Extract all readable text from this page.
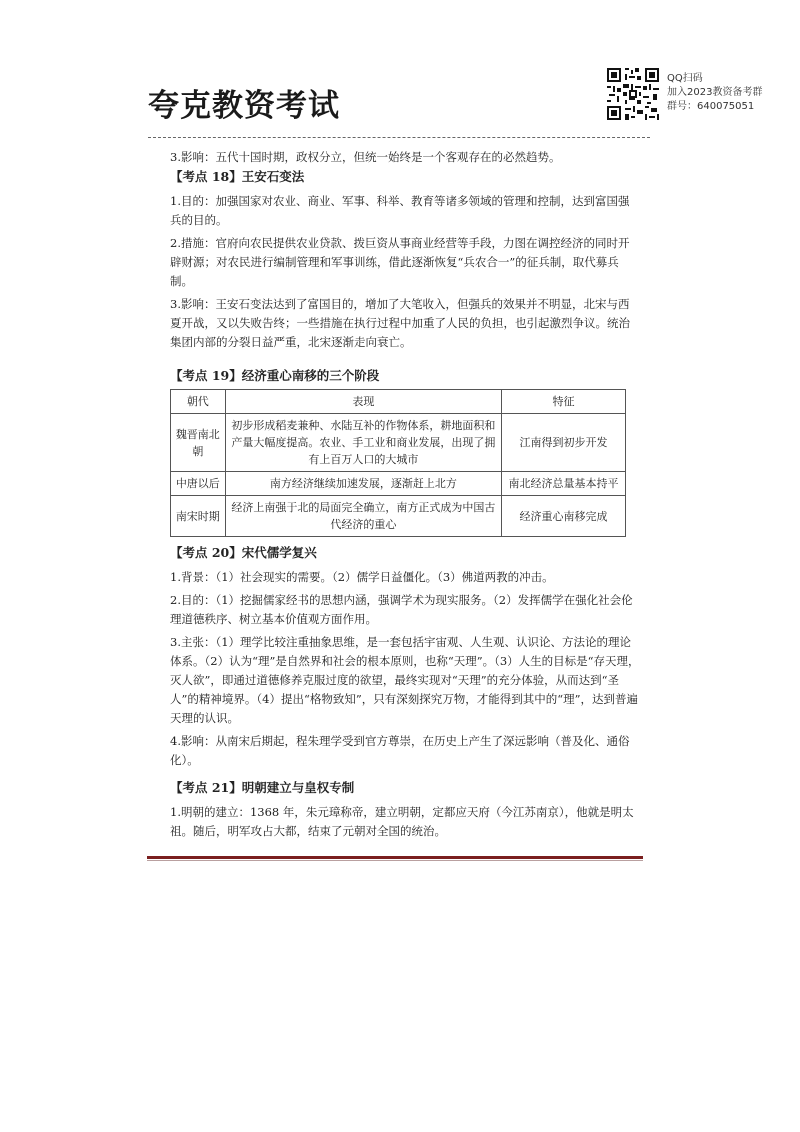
夸克教资考试
QQ扫码
加入2023教资备考群
群号：640075051

3.影响：五代十国时期，政权分立，但统一始终是一个客观存在的必然趋势。

【考点 18】王安石变法

1.目的：加强国家对农业、商业、军事、科举、教育等诸多领域的管理和控制，达到富国强兵的目的。

2.措施：官府向农民提供农业贷款、拨巨资从事商业经营等手段，力图在调控经济的同时开辟财源；对农民进行编制管理和军事训练，借此逐渐恢复“兵农合一”的征兵制，取代募兵制。

3.影响：王安石变法达到了富国目的，增加了大笔收入，但强兵的效果并不明显，北宋与西夏开战，又以失败告终；一些措施在执行过程中加重了人民的负担，也引起激烈争议。统治集团内部的分裂日益严重，北宋逐渐走向衰亡。

【考点 19】经济重心南移的三个阶段

朝代	表现	特征
魏晋南北朝	初步形成稻麦兼种、水陆互补的作物体系，耕地面积和产量大幅度提高。农业、手工业和商业发展，出现了拥有上百万人口的大城市	江南得到初步开发
中唐以后	南方经济继续加速发展，逐渐赶上北方	南北经济总量基本持平
南宋时期	经济上南强于北的局面完全确立，南方正式成为中国古代经济的重心	经济重心南移完成

【考点 20】宋代儒学复兴

1.背景：（1）社会现实的需要。（2）儒学日益僵化。（3）佛道两教的冲击。

2.目的：（1）挖掘儒家经书的思想内涵，强调学术为现实服务。（2）发挥儒学在强化社会伦理道德秩序、树立基本价值观方面作用。

3.主张：（1）理学比较注重抽象思维，是一套包括宇宙观、人生观、认识论、方法论的理论体系。（2）认为“理”是自然界和社会的根本原则，也称“天理”。（3）人生的目标是“存天理，灭人欲”，即通过道德修养克服过度的欲望，最终实现对“天理”的充分体验，从而达到“圣人”的精神境界。（4）提出“格物致知”，只有深刻探究万物，才能得到其中的“理”，达到普遍天理的认识。

4.影响：从南宋后期起，程朱理学受到官方尊崇，在历史上产生了深远影响（普及化、通俗化）。

【考点 21】明朝建立与皇权专制

1.明朝的建立：1368 年，朱元璋称帝，建立明朝，定都应天府（今江苏南京），他就是明太祖。随后，明军攻占大都，结束了元朝对全国的统治。
